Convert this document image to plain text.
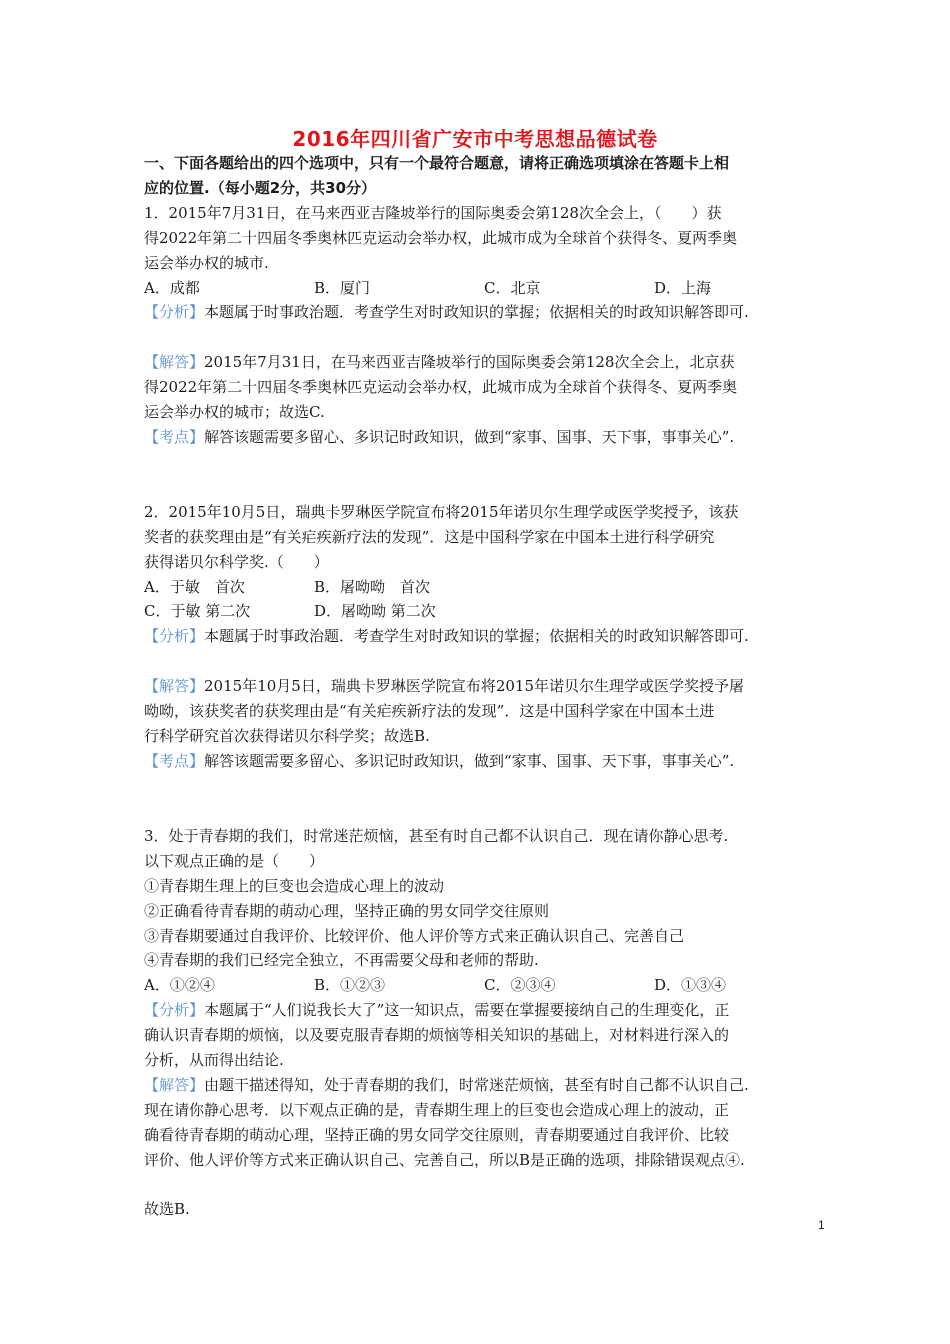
2016年四川省广安市中考思想品德试卷
一、下面各题给出的四个选项中，只有一个最符合题意，请将正确选项填涂在答题卡上相
应的位置.（每小题2分，共30分）
1．2015年7月31日，在马来西亚吉隆坡举行的国际奥委会第128次全会上，（　　）获
得2022年第二十四届冬季奥林匹克运动会举办权，此城市成为全球首个获得冬、夏两季奥
运会举办权的城市.
A．成都	B．厦门	C．北京	D．上海
【分析】本题属于时事政治题．考查学生对时政知识的掌握；依据相关的时政知识解答即可.
【解答】2015年7月31日，在马来西亚吉隆坡举行的国际奥委会第128次全会上，北京获
得2022年第二十四届冬季奥林匹克运动会举办权，此城市成为全球首个获得冬、夏两季奥
运会举办权的城市；故选C.
【考点】解答该题需要多留心、多识记时政知识，做到“家事、国事、天下事，事事关心”.
2．2015年10月5日，瑞典卡罗琳医学院宣布将2015年诺贝尔生理学或医学奖授予，该获
奖者的获奖理由是“有关疟疾新疗法的发现”．这是中国科学家在中国本土进行科学研究
获得诺贝尔科学奖.（　　）
A．于敏　首次	B．屠呦呦　首次
C．于敏 第二次	D．屠呦呦 第二次
【分析】本题属于时事政治题．考查学生对时政知识的掌握；依据相关的时政知识解答即可.
【解答】2015年10月5日，瑞典卡罗琳医学院宣布将2015年诺贝尔生理学或医学奖授予屠
呦呦，该获奖者的获奖理由是“有关疟疾新疗法的发现”．这是中国科学家在中国本土进
行科学研究首次获得诺贝尔科学奖；故选B.
【考点】解答该题需要多留心、多识记时政知识，做到“家事、国事、天下事，事事关心”.
3．处于青春期的我们，时常迷茫烦恼，甚至有时自己都不认识自己．现在请你静心思考.
以下观点正确的是（　　）
①青春期生理上的巨变也会造成心理上的波动
②正确看待青春期的萌动心理，坚持正确的男女同学交往原则
③青春期要通过自我评价、比较评价、他人评价等方式来正确认识自己、完善自己
④青春期的我们已经完全独立，不再需要父母和老师的帮助.
A．①②④	B．①②③	C．②③④	D．①③④
【分析】本题属于“人们说我长大了”这一知识点，需要在掌握要接纳自己的生理变化，正
确认识青春期的烦恼，以及要克服青春期的烦恼等相关知识的基础上，对材料进行深入的
分析，从而得出结论.
【解答】由题干描述得知，处于青春期的我们，时常迷茫烦恼，甚至有时自己都不认识自己.
现在请你静心思考．以下观点正确的是，青春期生理上的巨变也会造成心理上的波动，正
确看待青春期的萌动心理，坚持正确的男女同学交往原则，青春期要通过自我评价、比较
评价、他人评价等方式来正确认识自己、完善自己，所以B是正确的选项，排除错误观点④.
故选B.
1
